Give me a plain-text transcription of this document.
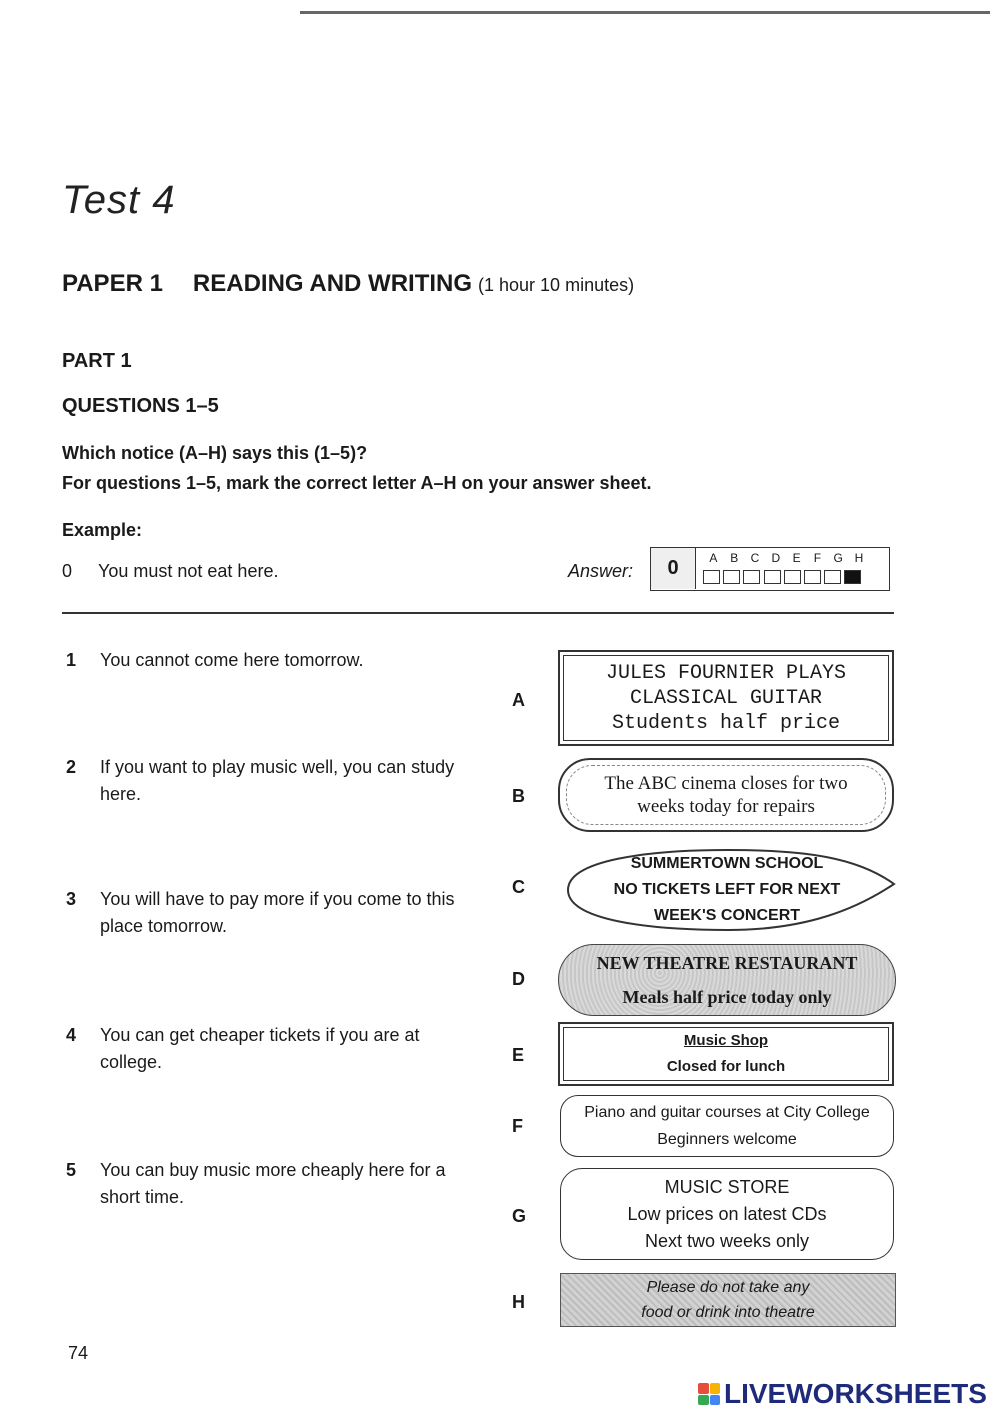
Test 4
PAPER 1 READING AND WRITING (1 hour 10 minutes)
PART 1
QUESTIONS 1–5
Which notice (A–H) says this (1–5)?
For questions 1–5, mark the correct letter A–H on your answer sheet.
Example:
0 You must not eat here.	Answer:	0	A B C D E F G H
1 You cannot come here tomorrow.
2 If you want to play music well, you can study here.
3 You will have to pay more if you come to this place tomorrow.
4 You can get cheaper tickets if you are at college.
5 You can buy music more cheaply here for a short time.
A
B
C
D
E
F
G
H
JULES FOURNIER PLAYS
CLASSICAL GUITAR
Students half price
The ABC cinema closes for two
weeks today for repairs
SUMMERTOWN SCHOOL
NO TICKETS LEFT FOR NEXT
WEEK'S CONCERT
NEW THEATRE RESTAURANT
Meals half price today only
Music Shop
Closed for lunch
Piano and guitar courses at City College
Beginners welcome
MUSIC STORE
Low prices on latest CDs
Next two weeks only
Please do not take any
food or drink into theatre
74
LIVEWORKSHEETS
